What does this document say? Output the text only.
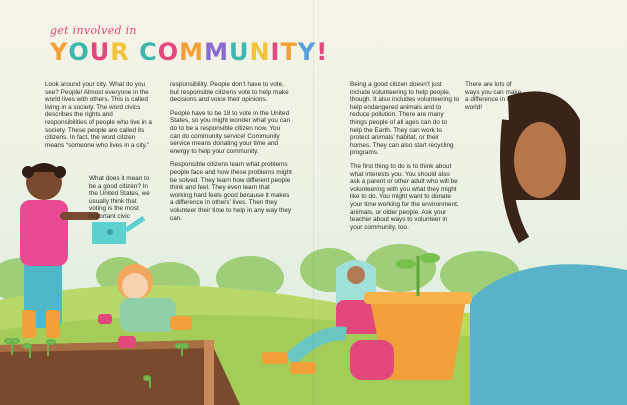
get involved in
YOUR COMMUNITY!

Look around your city. What do you see? People! Almost everyone in the world lives with others. This is called living in a society. The word civics describes the rights and responsibilities of people who live in a society. These people are called its citizens. In fact, the word citizen means “someone who lives in a city.”

What does it mean to be a good citizen? In the United States, we usually think that voting is the most important civic

responsibility. People don’t have to vote, but responsible citizens vote to help make decisions and voice their opinions.

People have to be 18 to vote in the United States, so you might wonder what you can do to be a responsible citizen now. You can do community service! Community service means donating your time and energy to help your community.

Responsible citizens learn what problems people face and how these problems might be solved. They learn how different people think and feel. They even learn that working hard feels good because it makes a difference in others’ lives. Then they volunteer their time to help in any way they can.

Being a good citizen doesn’t just include volunteering to help people, though. It also includes volunteering to help endangered animals and to reduce pollution. There are many things people of all ages can do to help the Earth. They can work to protect animals’ habitat, or their homes. They can also start recycling programs.

The first thing to do is to think about what interests you. You should also ask a parent or other adult who will be volunteering with you what they might like to do. You might want to donate your time working for the environment, animals, or older people. Ask your teacher about ways to volunteer in your community, too.

There are lots of ways you can make a difference in the world!
